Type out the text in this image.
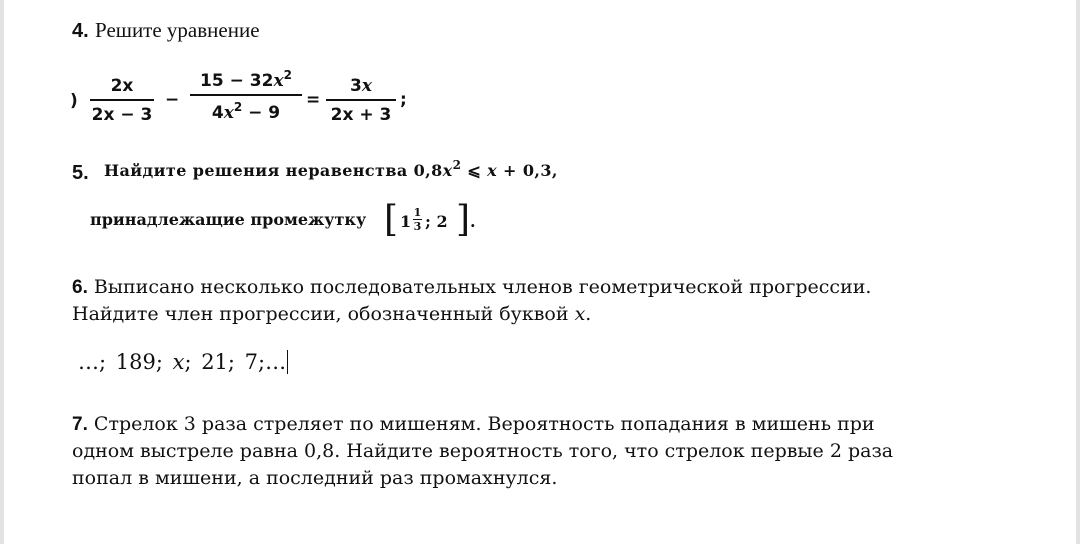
4. Решите уравнение
)
2x
2x − 3
−
$15 - 32x^2$
$4x^2 - 9$
=
3x
2x + 3
;
5. Найдите решения неравенства $0,8x^2$ ⩽ x + 0,3,
принадлежащие промежутку [ 1 1
3 ; 2 ] .
6. Выписано несколько последовательных членов геометрической прогрессии.
Найдите член прогрессии, обозначенный буквой x.
…; 189; x; 21; 7;…
7. Стрелок 3 раза стреляет по мишеням. Вероятность попадания в мишень при
одном выстреле равна 0,8. Найдите вероятность того, что стрелок первые 2 раза
попал в мишени, а последний раз промахнулся.
